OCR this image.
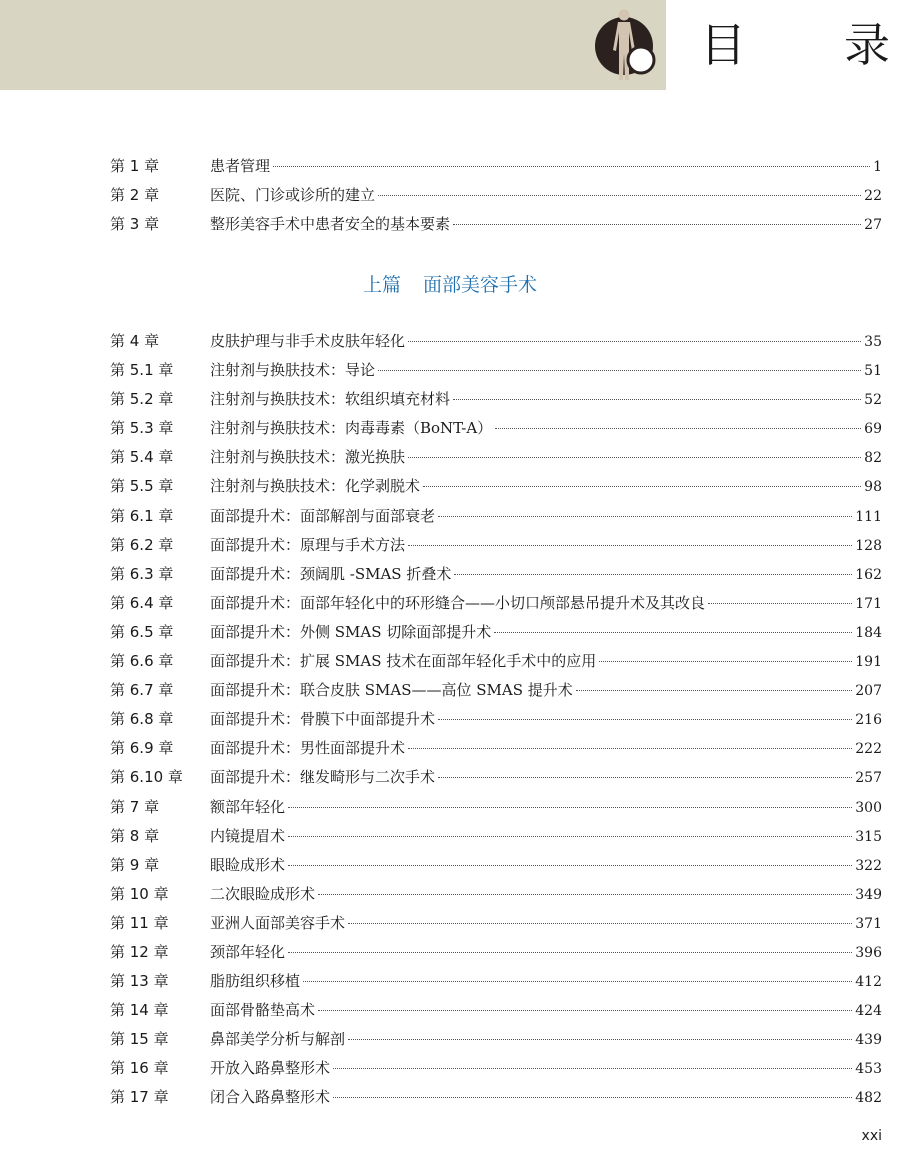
目 录
第 1 章	患者管理	1
第 2 章	医院、门诊或诊所的建立	22
第 3 章	整形美容手术中患者安全的基本要素	27
上篇 面部美容手术
第 4 章	皮肤护理与非手术皮肤年轻化	35
第 5.1 章	注射剂与换肤技术：导论	51
第 5.2 章	注射剂与换肤技术：软组织填充材料	52
第 5.3 章	注射剂与换肤技术：肉毒毒素（BoNT-A）	69
第 5.4 章	注射剂与换肤技术：激光换肤	82
第 5.5 章	注射剂与换肤技术：化学剥脱术	98
第 6.1 章	面部提升术：面部解剖与面部衰老	111
第 6.2 章	面部提升术：原理与手术方法	128
第 6.3 章	面部提升术：颈阔肌 -SMAS 折叠术	162
第 6.4 章	面部提升术：面部年轻化中的环形缝合——小切口颅部悬吊提升术及其改良	171
第 6.5 章	面部提升术：外侧 SMAS 切除面部提升术	184
第 6.6 章	面部提升术：扩展 SMAS 技术在面部年轻化手术中的应用	191
第 6.7 章	面部提升术：联合皮肤 SMAS——高位 SMAS 提升术	207
第 6.8 章	面部提升术：骨膜下中面部提升术	216
第 6.9 章	面部提升术：男性面部提升术	222
第 6.10 章	面部提升术：继发畸形与二次手术	257
第 7 章	额部年轻化	300
第 8 章	内镜提眉术	315
第 9 章	眼睑成形术	322
第 10 章	二次眼睑成形术	349
第 11 章	亚洲人面部美容手术	371
第 12 章	颈部年轻化	396
第 13 章	脂肪组织移植	412
第 14 章	面部骨骼垫高术	424
第 15 章	鼻部美学分析与解剖	439
第 16 章	开放入路鼻整形术	453
第 17 章	闭合入路鼻整形术	482
xxi
